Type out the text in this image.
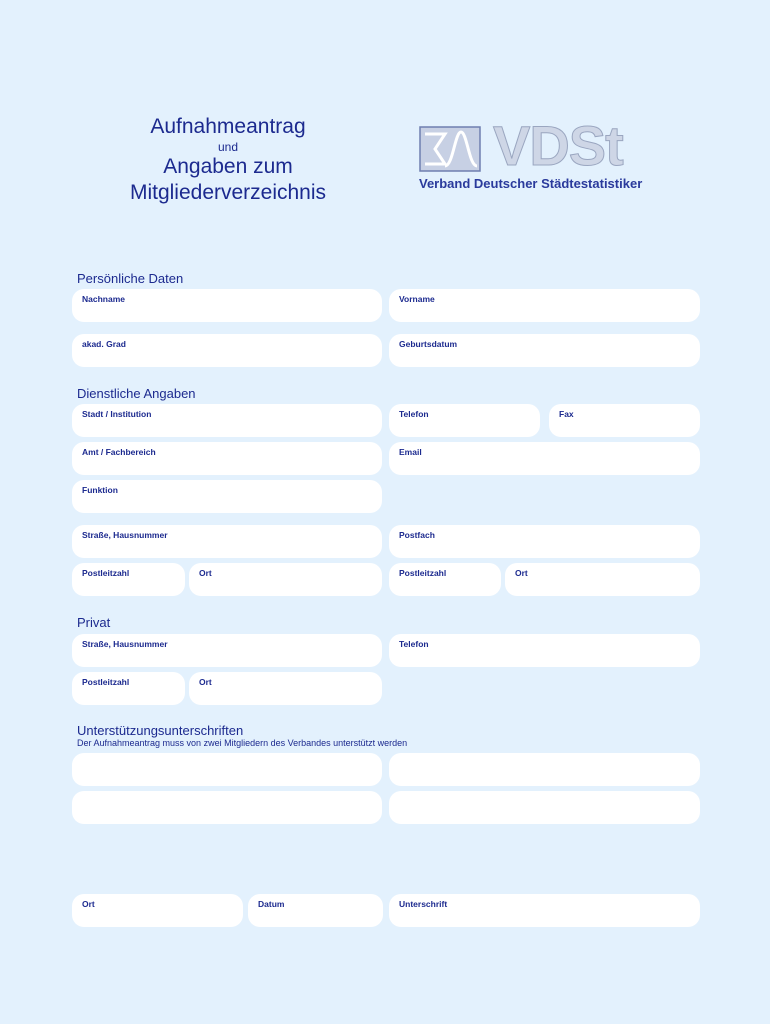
Aufnahmeantrag
und
Angaben zum
Mitgliederverzeichnis
VDSt
Verband Deutscher Städtestatistiker
Persönliche Daten
Nachname	Vorname
akad. Grad	Geburtsdatum
Dienstliche Angaben
Stadt / Institution	Telefon	Fax
Amt / Fachbereich	Email
Funktion
Straße, Hausnummer	Postfach
Postleitzahl	Ort	Postleitzahl	Ort
Privat
Straße, Hausnummer	Telefon
Postleitzahl	Ort
Unterstützungsunterschriften
Der Aufnahmeantrag muss von zwei Mitgliedern des Verbandes unterstützt werden
Ort	Datum	Unterschrift
